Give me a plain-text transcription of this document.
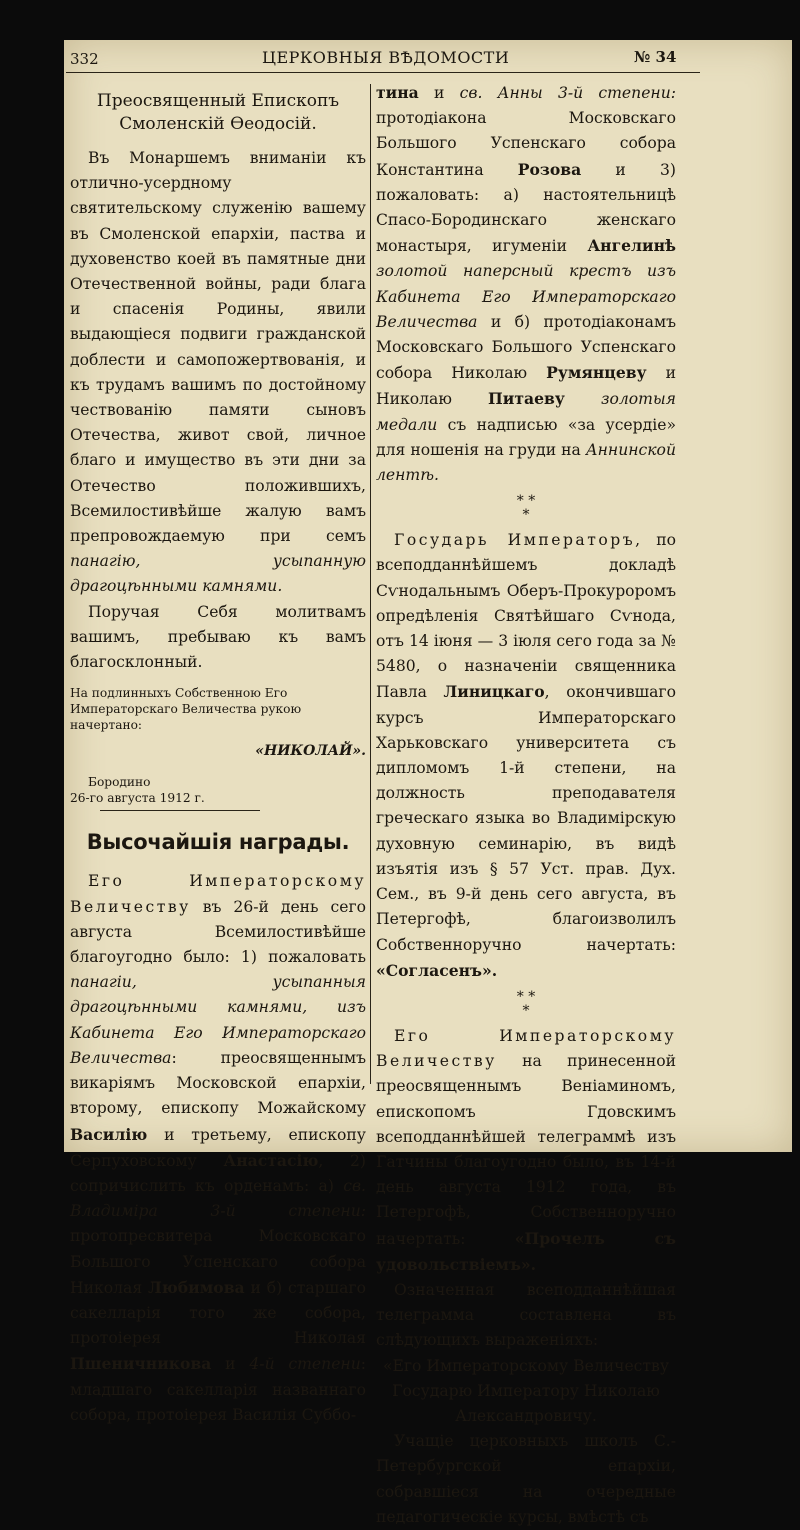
332	ЦЕРКОВНЫЯ ВѢДОМОСТИ	№ 34

Преосвященный Епископъ Смоленскій Ѳеодосій.

Въ Монаршемъ вниманіи къ отлично-усердному святительскому служенію вашему въ Смоленской епархіи, паства и духовенство коей въ памятные дни Отечественной войны, ради блага и спасенія Родины, явили выдающіеся подвиги гражданской доблести и самопожертвованія, и къ трудамъ вашимъ по достойному чествованію памяти сыновъ Отечества, живот свой, личное благо и имущество въ эти дни за Отечество положившихъ, Всемилостивѣйше жалую вамъ препровождаемую при семъ панагію, усыпанную драгоцѣнными камнями.

Поручая Себя молитвамъ вашимъ, пребываю къ вамъ благосклонный.

На подлинныхъ Собственною Его Императорскаго Величества рукою начертано:

«НИКОЛАЙ».

Бородино

26-го августа 1912 г.

Высочайшія награды.

Его Императорскому Величеству въ 26-й день сего августа Всемилостивѣйше благоугодно было: 1) пожаловать панагіи, усыпанныя драгоцѣнными камнями, изъ Кабинета Его Императорскаго Величества: преосвященнымъ викаріямъ Московской епархіи, второму, епископу Можайскому Василію и третьему, епископу Серпуховскому Анастасію, 2) сопричислить къ орденамъ: а) св. Владиміра 3-й степени: протопресвитера Московскаго Большого Успенскаго собора Николая Любимова и б) старшаго сакелларія того же собора, протоіерея Николая Пшеничникова и 4-й степени: младшаго сакелларія названнаго собора, протоіерея Василія Суббо-

тина и св. Анны 3-й степени: протодіакона Московскаго Большого Успенскаго собора Константина Розова и 3) пожаловать: а) настоятельницѣ Спасо-Бородинскаго женскаго монастыря, игуменіи Ангелинѣ золотой наперсный крестъ изъ Кабинета Его Императорскаго Величества и б) протодіаконамъ Московскаго Большого Успенскаго собора Николаю Румянцеву и Николаю Питаеву золотыя медали съ надписью «за усердіе» для ношенія на груди на Аннинской лентѣ.

* *
*

Государь Императоръ, по всеподданнѣйшемъ докладѣ Сѵнодальнымъ Оберъ-Прокуроромъ опредѣленія Святѣйшаго Сѵнода, отъ 14 іюня — 3 іюля сего года за № 5480, о назначеніи священника Павла Линицкаго, окончившаго курсъ Императорскаго Харьковскаго университета съ дипломомъ 1-й степени, на должность преподавателя греческаго языка во Владимірскую духовную семинарію, въ видѣ изъятія изъ § 57 Уст. прав. Дух. Сем., въ 9-й день сего августа, въ Петергофѣ, благоизволилъ Собственноручно начертать: «Согласенъ».

* *
*

Его Императорскому Величеству на принесенной преосвященнымъ Веніаминомъ, епископомъ Гдовскимъ всеподданнѣйшей телеграммѣ изъ Гатчины благоугодно было, въ 14-й день августа 1912 года, въ Петергофѣ, Собственноручно начертать: «Прочелъ съ удовольствіемъ».

Означенная всеподданнѣйшая телеграмма составлена въ слѣдующихъ выраженіяхъ:

«Его Императорскому Величеству Государю Императору Николаю Александровичу.

Учащіе церковныхъ школъ С.-Петербургской епархіи, собравшіеся на очередные педагогическіе курсы, вмѣстѣ съ
